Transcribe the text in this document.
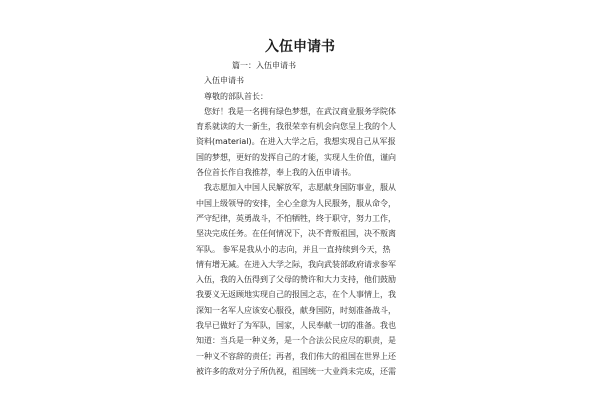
入伍申请书
篇一：入伍申请书
入伍申请书
尊敬的部队首长：
您好！我是一名拥有绿色梦想，在武汉商业服务学院体
育系就读的大一新生，我很荣幸有机会向您呈上我的个人
资料(material)。在进入大学之后，我想实现自己从军报
国的梦想，更好的发挥自己的才能，实现人生价值，谨向
各位首长作自我推荐，奉上我的入伍申请书。
我志愿加入中国人民解放军，志愿献身国防事业，服从
中国上级领导的安排，全心全意为人民服务，服从命令，
严守纪律，英勇战斗，不怕牺牲，终于职守，努力工作，
坚决完成任务。在任何情况下，决不背叛祖国，决不叛离
军队。 参军是我从小的志向，并且一直持续到今天，热
情有增无减。在进入大学之际，我向武装部政府请求参军
入伍，我的入伍得到了父母的赞许和大力支持，他们鼓励
我要义无返顾地实现自己的报国之志，在个人事情上，我
深知一名军人应该安心服役，献身国防，时刻准备战斗，
我早已做好了为军队，国家，人民奉献一切的准备。我也
知道：当兵是一种义务，是一个合法公民应尽的职责，是
一种义不容辞的责任；再者，我们伟大的祖国在世界上还
被许多的敌对分子所仇视，祖国统一大业尚未完成，还需
